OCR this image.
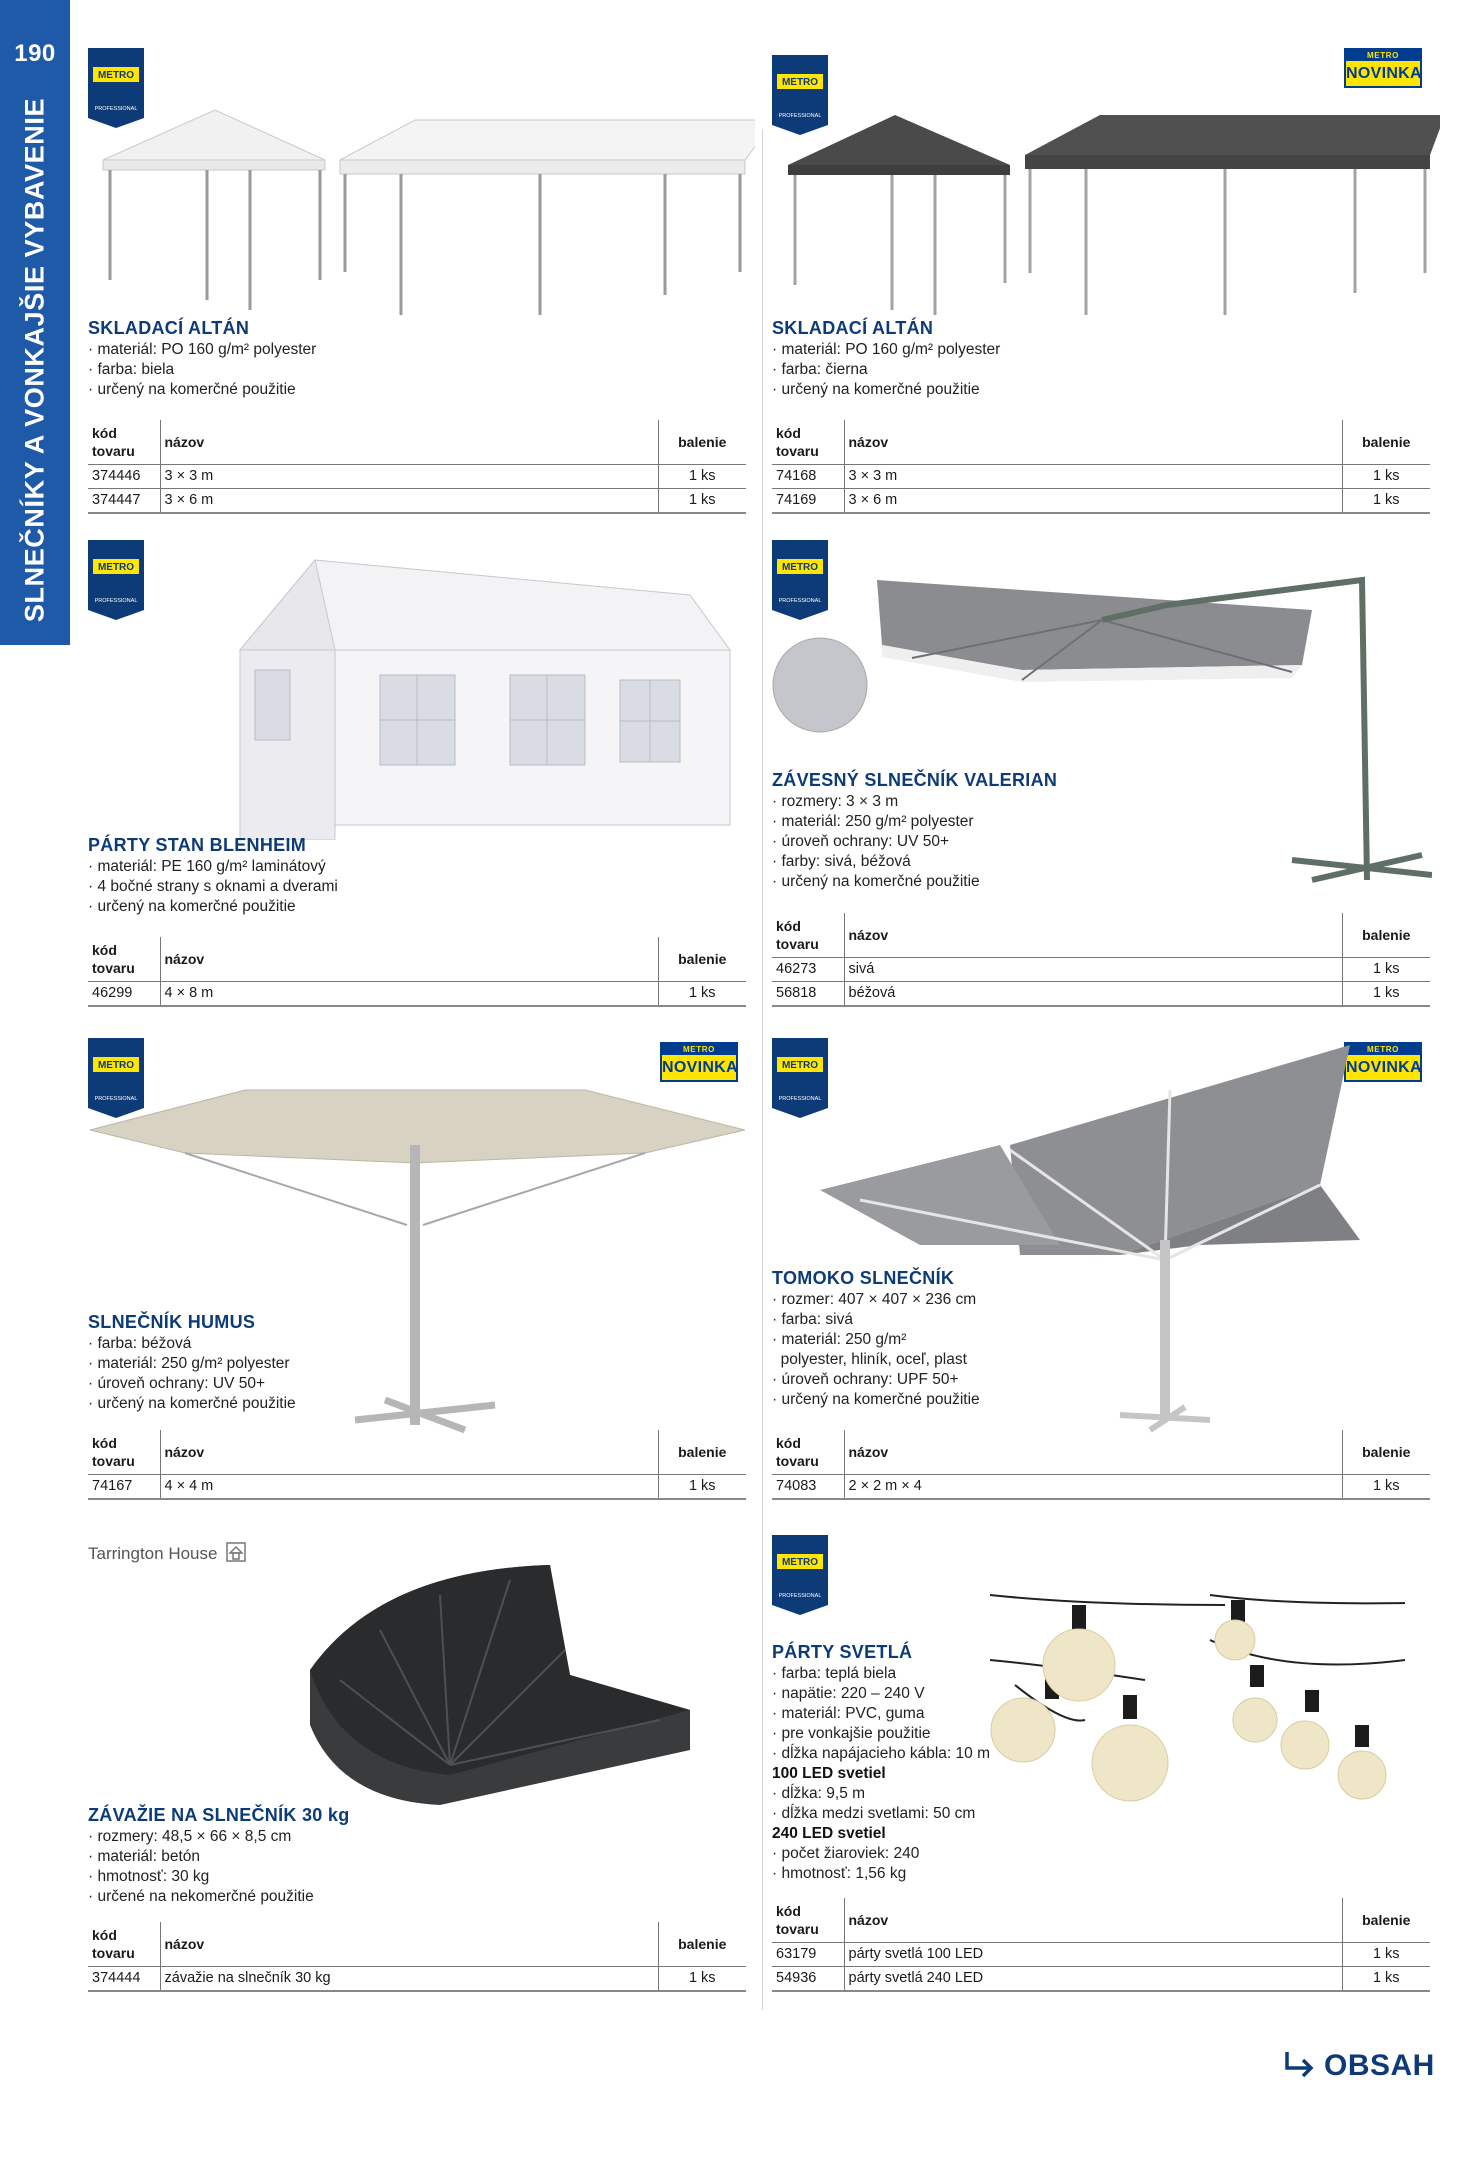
190
SLNEČNÍKY A VONKAJŠIE VYBAVENIE
METRO
PROFESSIONAL
SKLADACÍ ALTÁN
· materiál: PO 160 g/m² polyester
· farba: biela
· určený na komerčné použitie
kód tovaru	názov	balenie
374446	3 × 3 m	1 ks
374447	3 × 6 m	1 ks
METRO
PROFESSIONAL
METRO
NOVINKA
SKLADACÍ ALTÁN
· materiál: PO 160 g/m² polyester
· farba: čierna
· určený na komerčné použitie
kód tovaru	názov	balenie
74168	3 × 3 m	1 ks
74169	3 × 6 m	1 ks
METRO
PROFESSIONAL
PÁRTY STAN BLENHEIM
· materiál: PE 160 g/m² laminátový
· 4 bočné strany s oknami a dverami
· určený na komerčné použitie
kód tovaru	názov	balenie
46299	4 × 8 m	1 ks
METRO
PROFESSIONAL
ZÁVESNÝ SLNEČNÍK VALERIAN
· rozmery: 3 × 3 m
· materiál: 250 g/m² polyester
· úroveň ochrany: UV 50+
· farby: sivá, béžová
· určený na komerčné použitie
kód tovaru	názov	balenie
46273	sivá	1 ks
56818	béžová	1 ks
METRO
PROFESSIONAL
METRO
NOVINKA
SLNEČNÍK HUMUS
· farba: béžová
· materiál: 250 g/m² polyester
· úroveň ochrany: UV 50+
· určený na komerčné použitie
kód tovaru	názov	balenie
74167	4 × 4 m	1 ks
METRO
PROFESSIONAL
METRO
NOVINKA
TOMOKO SLNEČNÍK
· rozmer: 407 × 407 × 236 cm
· farba: sivá
· materiál: 250 g/m²
polyester, hliník, oceľ, plast
· úroveň ochrany: UPF 50+
· určený na komerčné použitie
kód tovaru	názov	balenie
74083	2 × 2 m × 4	1 ks
Tarrington House
ZÁVAŽIE NA SLNEČNÍK 30 kg
· rozmery: 48,5 × 66 × 8,5 cm
· materiál: betón
· hmotnosť: 30 kg
· určené na nekomerčné použitie
kód tovaru	názov	balenie
374444	závažie na slnečník 30 kg	1 ks
METRO
PROFESSIONAL
PÁRTY SVETLÁ
· farba: teplá biela
· napätie: 220 – 240 V
· materiál: PVC, guma
· pre vonkajšie použitie
· dĺžka napájacieho kábla: 10 m
100 LED svetiel
· dĺžka: 9,5 m
· dĺžka medzi svetlami: 50 cm
240 LED svetiel
· počet žiaroviek: 240
· hmotnosť: 1,56 kg
kód tovaru	názov	balenie
63179	párty svetlá 100 LED	1 ks
54936	párty svetlá 240 LED	1 ks
OBSAH
